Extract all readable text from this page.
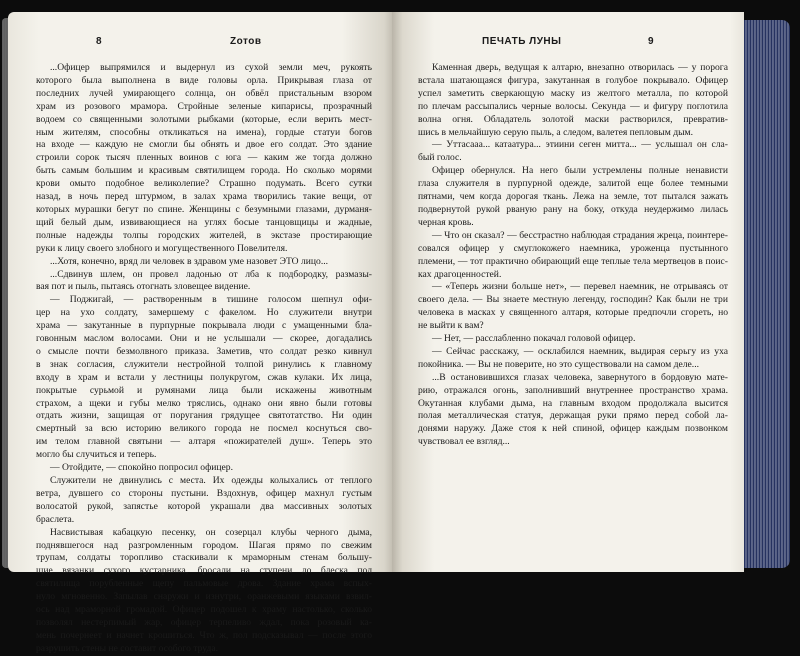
8	Zотов
...Офицер выпрямился и выдернул из сухой земли меч, рукоять
которого была выполнена в виде головы орла. Прикрывая глаза от
последних лучей умирающего солнца, он обвёл пристальным взором
храм из розового мрамора. Стройные зеленые кипарисы, прозрачный
водоем со священными золотыми рыбками (которые, если верить мест-
ным жителям, способны откликаться на имена), гордые статуи богов
на входе — каждую не смогли бы обнять и двое его солдат. Это здание
строили сорок тысяч пленных воинов с юга — каким же тогда должно
быть самым большим и красивым святилищем города. Но сколько морями
крови омыто подобное великолепие? Страшно подумать. Всего сутки
назад, в ночь перед штурмом, в залах храма творились такие вещи, от
которых мурашки бегут по спине. Женщины с безумными глазами, дурманя-
щий белый дым, извивающиеся на углях босые танцовщицы и жадные,
полные надежды толпы городских жителей, в экстазе простирающие
руки к лицу своего злобного и могущественного Повелителя.
...Хотя, конечно, вряд ли человек в здравом уме назовет ЭТО лицо...
...Сдвинув шлем, он провел ладонью от лба к подбородку, размазы-
вая пот и пыль, пытаясь отогнать зловещее видение.
— Поджигай, — растворенным в тишине голосом шепнул офи-
цер на ухо солдату, замершему с факелом. Но служители внутри
храма — закутанные в пурпурные покрывала люди с умащенными бла-
говонным маслом волосами. Они и не услышали — скорее, догадались
о смысле почти безмолвного приказа. Заметив, что солдат резко кивнул
в знак согласия, служители нестройной толпой ринулись к главному
входу в храм и встали у лестницы полукругом, сжав кулаки. Их лица,
покрытые сурьмой и румянами лица были искажены животным
страхом, а щеки и губы мелко тряслись, однако они явно были готовы
отдать жизни, защищая от поругания грядущее святотатство. Ни один
смертный за всю историю великого города не посмел коснуться сво-
им телом главной святыни — алтаря «пожирателей душ». Теперь это
могло бы случиться и теперь.
— Отойдите, — спокойно попросил офицер.
Служители не двинулись с места. Их одежды колыхались от теплого
ветра, дувшего со стороны пустыни. Вздохнув, офицер махнул густым
волосатой рукой, запястье которой украшали два массивных золотых
браслета.
Насвистывая кабацкую песенку, он созерцал клубы черного дыма,
поднявшегося над разгромленным городом. Шагая прямо по свежим
трупам, солдаты торопливо стаскивали к мраморным стенам большу-
щие вязанки сухого кустарника, бросали на ступени до блеска пол
святилища порубленные щепу пальмовые дрова. Здание храма вспых-
нуло мгновенно. Запылав снаружи и изнутри, оранжевыми языками взвил-
ось над мраморной громадой. Офицер подошел к храму настолько, сколько
позволял нестерпимый жар, офицер терпеливо ждал, пока розовый ка-
мень почернеет и начнет крошиться. Что ж, пол подсказывал — после этого
разрушить стены не составит особого труда.
ПЕЧАТЬ ЛУНЫ	9
Каменная дверь, ведущая к алтарю, внезапно отворилась — у порога
встала шатающаяся фигура, закутанная в голубое покрывало. Офицер
успел заметить сверкающую маску из желтого металла, по которой
по плечам рассыпались черные волосы. Секунда — и фигуру поглотила
волна огня. Обладатель золотой маски растворился, превратив-
шись в мельчайшую серую пыль, а следом, валетея пепловым дым.
— Уттасааа... катаатура... этиини сеген митта... — услышал он сла-
бый голос.
Офицер обернулся. На него были устремлены полные ненависти
глаза служителя в пурпурной одежде, залитой еще более темными
пятнами, чем когда дорогая ткань. Лежа на земле, тот пытался зажать
подвернутой рукой рваную рану на боку, откуда неудержимо лилась
черная кровь.
— Что он сказал? — бесстрастно наблюдая страдания жреца, поинтере-
совался офицер у смуглокожего наемника, уроженца пустынного
племени, — тот практично обирающий еще теплые тела мертвецов в поис-
ках драгоценностей.
— «Теперь жизни больше нет», — перевел наемник, не отрываясь от
своего дела. — Вы знаете местную легенду, господин? Как были не три
человека в масках у священного алтаря, которые предпочли сгореть, но
не выйти к вам?
— Нет, — расслабленно покачал головой офицер.
— Сейчас расскажу, — осклабился наемник, выдирая серьгу из уха
покойника. — Вы не поверите, но это существовали на самом деле...
...В остановившихся глазах человека, завернутого в бордовую мате-
рию, отражался огонь, заполнивший внутреннее пространство храма.
Окутанная клубами дыма, на главным входом продолжала высится
полая металлическая статуя, держащая руки прямо перед собой ла-
донями наружу. Даже стоя к ней спиной, офицер каждым позвонком
чувствовал ее взгляд...
